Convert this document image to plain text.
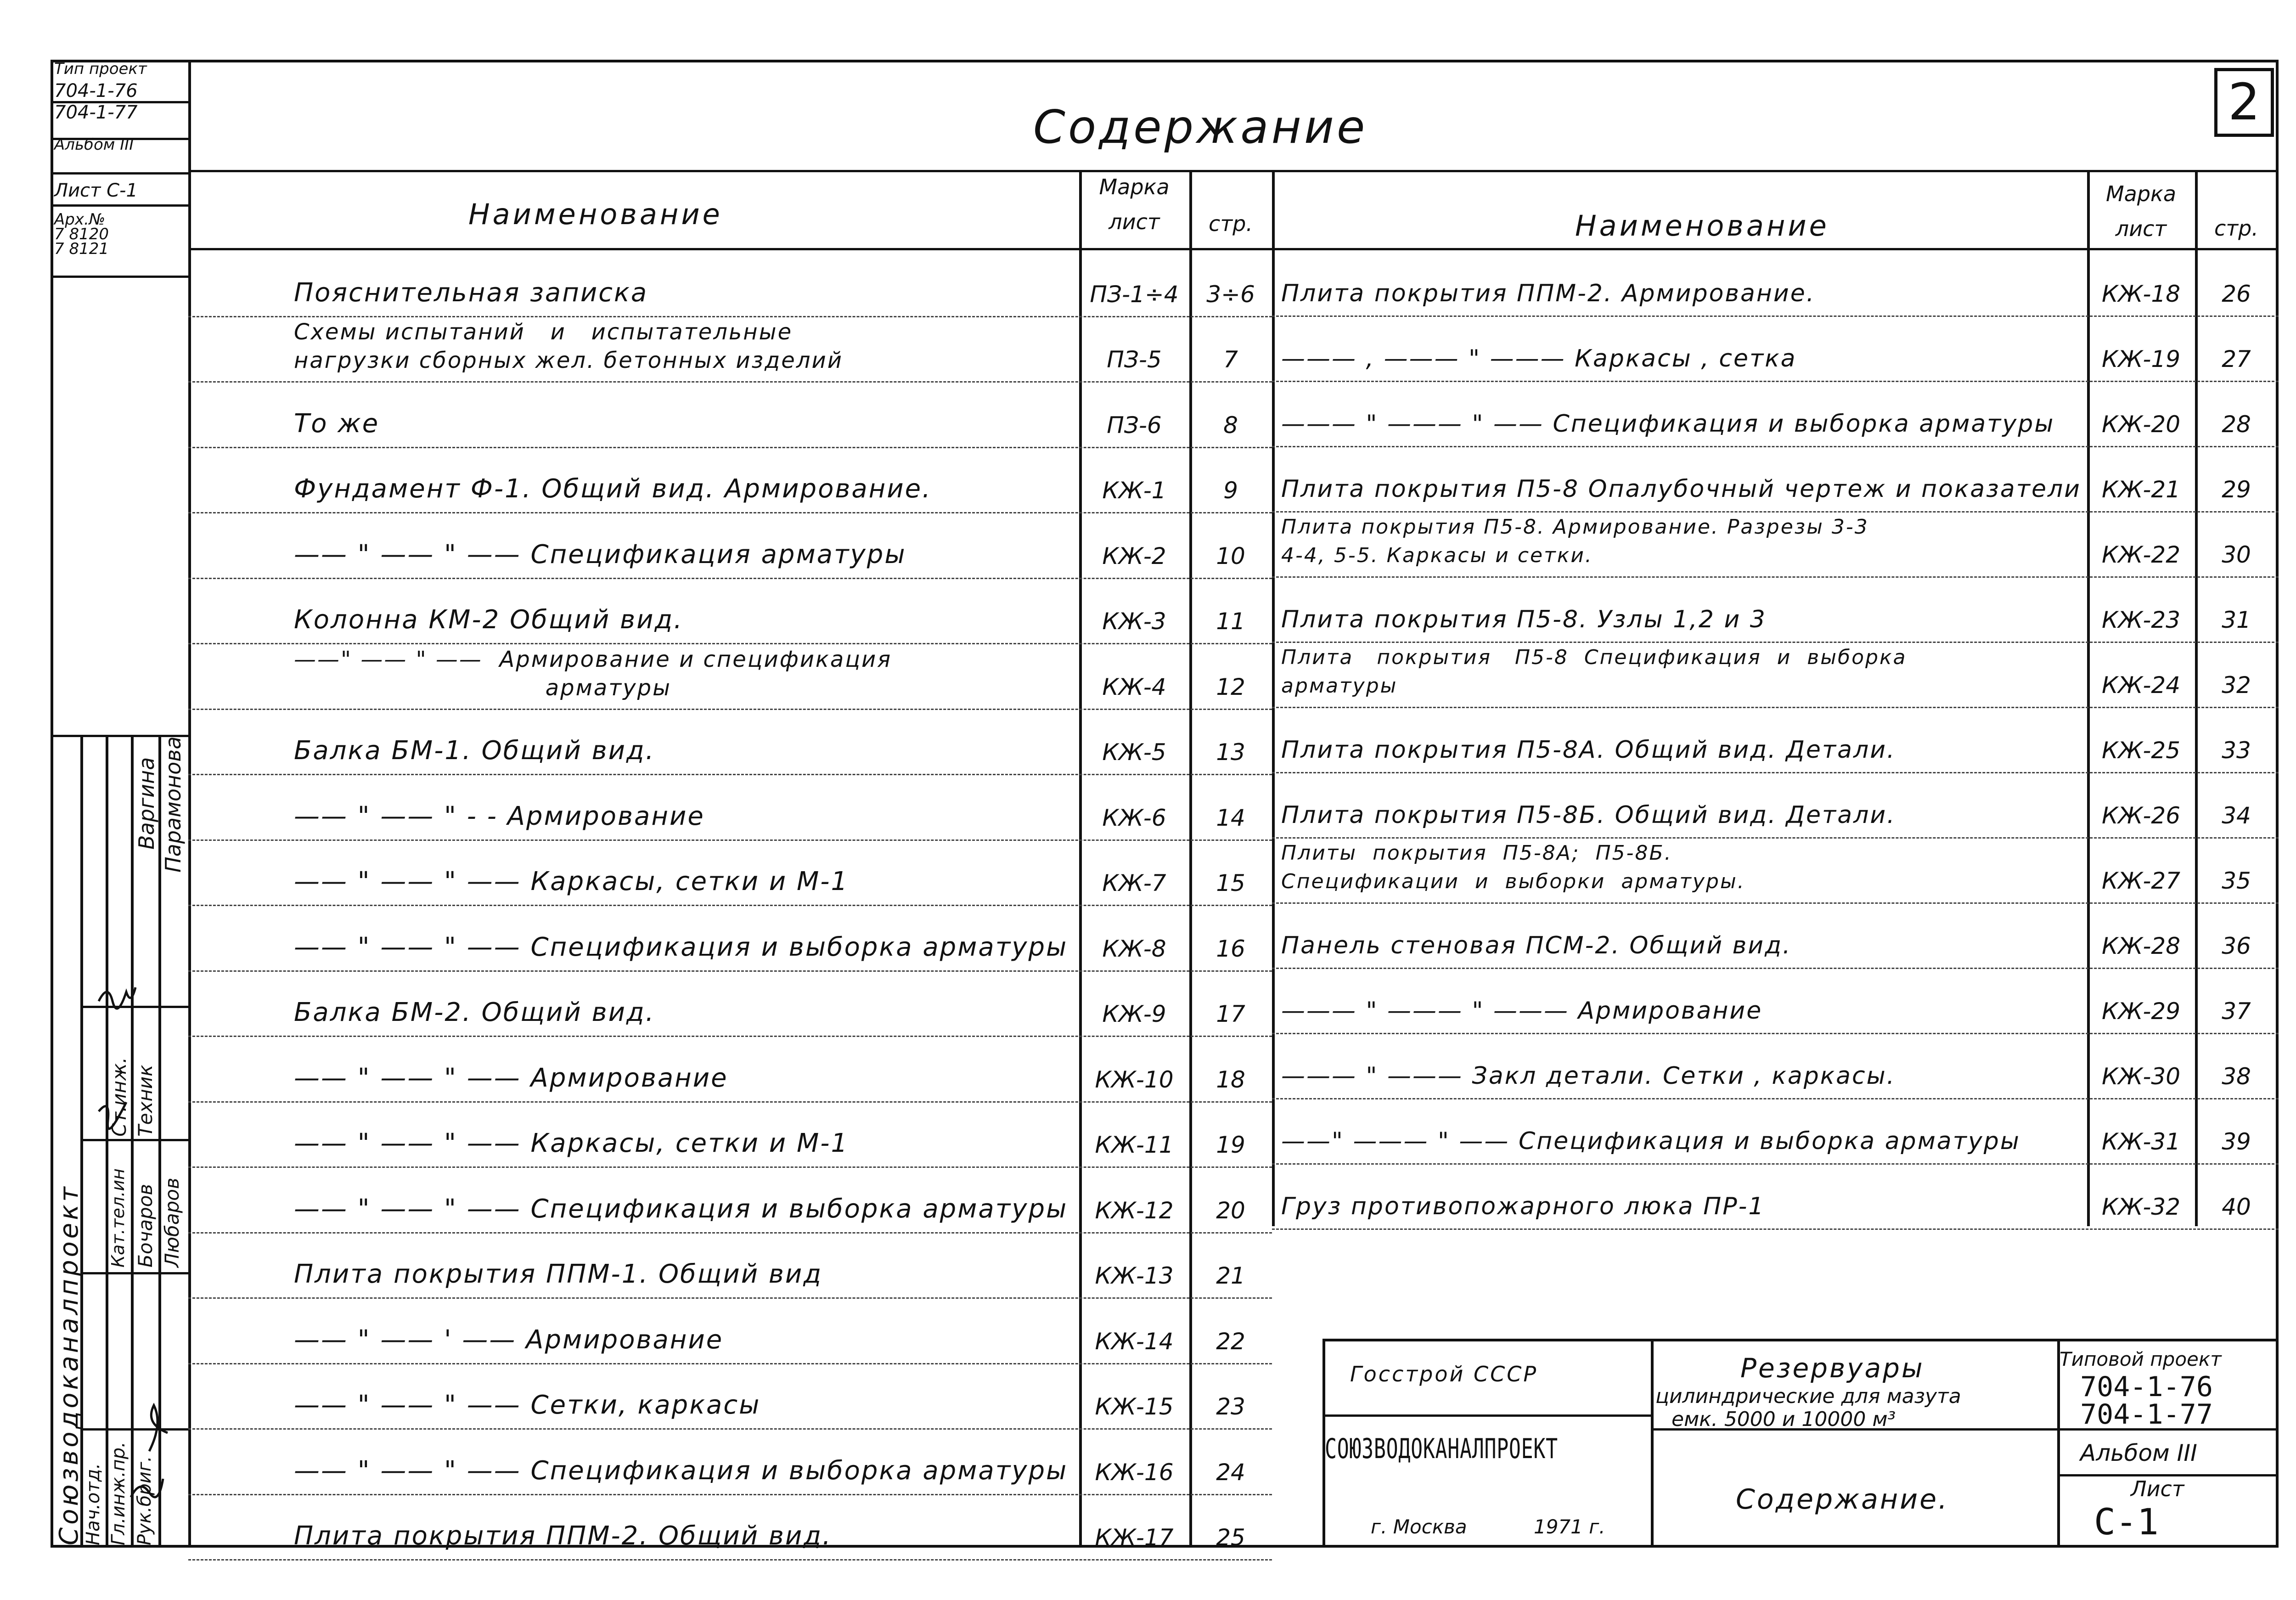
Тип проект
704-1-76
704-1-77
Альбом III
Лист С-1
Арх.№
7 8120
7 8121
Содержание	2
Наименование
Марка
лист	стр.	Наименование
Марка
лист	стр.
Госстрой СССР
СОЮЗВОДОКАНАЛПРОЕКТ
г. Москва	1971 г.
Резервуары
цилиндрические для мазута
емк. 5000 и 10000 м³
Содержание.
Типовой проект
704-1-76
704-1-77
Альбом III
Лист
С-1
Союзводоканалпроект
Нач.отд. Гл.инж.пр. Рук.бриг.
Ст.инж. Техник
Кат.тел.ин Бочаров Любаров
Варгина Парамонова
Пояснительная записка	ПЗ-1÷4	3÷6
Схемы испытаний   и   испытательные
нагрузки сборных жел. бетонных изделий	ПЗ-5	7
То же	ПЗ-6	8
Фундамент Ф-1. Общий вид. Армирование.	КЖ-1	9
—— " —— " —— Спецификация арматуры	КЖ-2	10
Колонна КМ-2 Общий вид.	КЖ-3	11
——" —— " ——  Армирование и спецификация
арматуры	КЖ-4	12
Балка БМ-1. Общий вид.	КЖ-5	13
—— " —— " - - Армирование	КЖ-6	14
—— " —— " —— Каркасы, сетки и М-1	КЖ-7	15
—— " —— " —— Спецификация и выборка арматуры	КЖ-8	16
Балка БМ-2. Общий вид.	КЖ-9	17
—— " —— " —— Армирование	КЖ-10	18
—— " —— " —— Каркасы, сетки и М-1	КЖ-11	19
—— " —— " —— Спецификация и выборка арматуры	КЖ-12	20
Плита покрытия ППМ-1. Общий вид	КЖ-13	21
—— " —— ' —— Армирование	КЖ-14	22
—— " —— " —— Сетки, каркасы	КЖ-15	23
—— " —— " —— Спецификация и выборка арматуры	КЖ-16	24
Плита покрытия ППМ-2. Общий вид.	КЖ-17	25
Плита покрытия ППМ-2. Армирование.	КЖ-18	26
——— , ——— " ——— Каркасы , сетка	КЖ-19	27
——— " ——— " —— Спецификация и выборка арматуры	КЖ-20	28
Плита покрытия П5-8 Опалубочный чертеж и показатели КЖ-21	29
Плита покрытия П5-8. Армирование. Разрезы 3-3
4-4, 5-5. Каркасы и сетки.	КЖ-22	30
Плита покрытия П5-8. Узлы 1,2 и 3	КЖ-23	31
Плита   покрытия   П5-8  Спецификация  и  выборка
арматуры	КЖ-24	32
Плита покрытия П5-8А. Общий вид. Детали.	КЖ-25	33
Плита покрытия П5-8Б. Общий вид. Детали.	КЖ-26	34
Плиты  покрытия  П5-8А;  П5-8Б.
Спецификации  и  выборки  арматуры.	КЖ-27	35
Панель стеновая ПСМ-2. Общий вид.	КЖ-28	36
——— " ——— " ——— Армирование	КЖ-29	37
——— " ——— Закл детали. Сетки , каркасы.	КЖ-30	38
——" ——— " —— Спецификация и выборка арматуры	КЖ-31	39
Груз противопожарного люка ПР-1	КЖ-32	40
